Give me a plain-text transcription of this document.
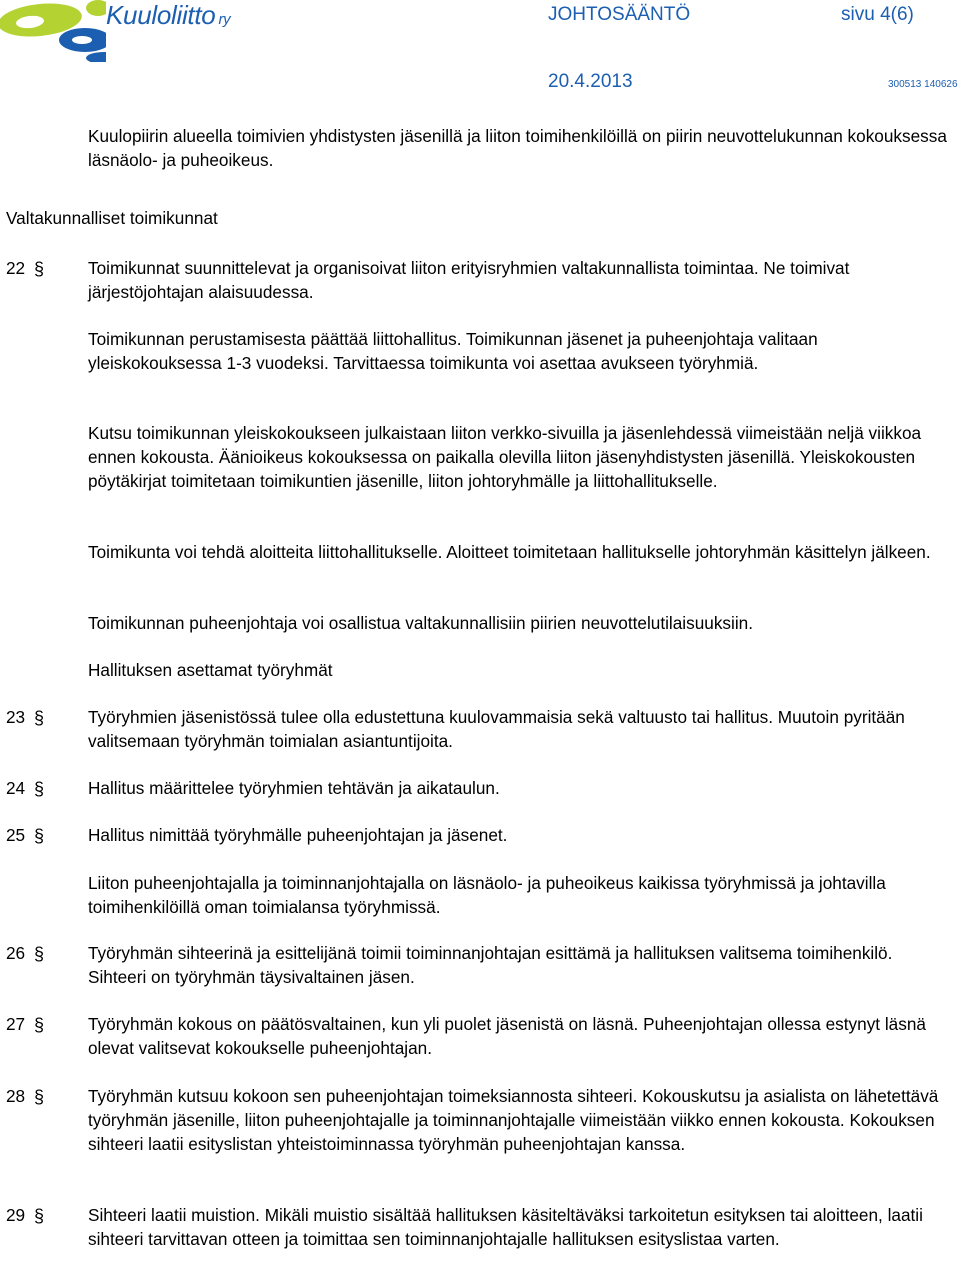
Kuuloliitto ry	JOHTOSÄÄNTÖ	sivu 4(6)
20.4.2013	300513 140626

Kuulopiirin alueella toimivien yhdistysten jäsenillä ja liiton toimihenkilöillä on piirin neuvottelukunnan kokouksessa läsnäolo- ja puheoikeus.

Valtakunnalliset toimikunnat
22 §	Toimikunnat suunnittelevat ja organisoivat liiton erityisryhmien valtakunnallista toimintaa. Ne toimivat järjestöjohtajan alaisuudessa.

Toimikunnan perustamisesta päättää liittohallitus. Toimikunnan jäsenet ja puheenjohtaja valitaan yleiskokouksessa 1-3 vuodeksi. Tarvittaessa toimikunta voi asettaa avukseen työryhmiä.

Kutsu toimikunnan yleiskokoukseen julkaistaan liiton verkko-sivuilla ja jäsenlehdessä viimeistään neljä viikkoa ennen kokousta. Äänioikeus kokouksessa on paikalla olevilla liiton jäsenyhdistysten jäsenillä. Yleiskokousten pöytäkirjat toimitetaan toimikuntien jäsenille, liiton johtoryhmälle ja liittohallitukselle.

Toimikunta voi tehdä aloitteita liittohallitukselle. Aloitteet toimitetaan hallitukselle johtoryhmän käsittelyn jälkeen.

Toimikunnan puheenjohtaja voi osallistua valtakunnallisiin piirien neuvottelutilaisuuksiin.

Hallituksen asettamat työryhmät

23 §	Työryhmien jäsenistössä tulee olla edustettuna kuulovammaisia sekä valtuusto tai hallitus. Muutoin pyritään valitsemaan työryhmän toimialan asiantuntijoita.

24 §	Hallitus määrittelee työryhmien tehtävän ja aikataulun.

25 §	Hallitus nimittää työryhmälle puheenjohtajan ja jäsenet.

Liiton puheenjohtajalla ja toiminnanjohtajalla on läsnäolo- ja puheoikeus kaikissa työryhmissä ja johtavilla toimihenkilöillä oman toimialansa työryhmissä.

26 §	Työryhmän sihteerinä ja esittelijänä toimii toiminnanjohtajan esittämä ja hallituksen valitsema toimihenkilö. Sihteeri on työryhmän täysivaltainen jäsen.

27 §	Työryhmän kokous on päätösvaltainen, kun yli puolet jäsenistä on läsnä. Puheenjohtajan ollessa estynyt läsnä olevat valitsevat kokoukselle puheenjohtajan.

28 §	Työryhmän kutsuu kokoon sen puheenjohtajan toimeksiannosta sihteeri. Kokouskutsu ja asialista on lähetettävä työryhmän jäsenille, liiton puheenjohtajalle ja toiminnanjohtajalle viimeistään viikko ennen kokousta. Kokouksen sihteeri laatii esityslistan yhteistoiminnassa työryhmän puheenjohtajan kanssa.

29 §	Sihteeri laatii muistion. Mikäli muistio sisältää hallituksen käsiteltäväksi tarkoitetun esityksen tai aloitteen, laatii sihteeri tarvittavan otteen ja toimittaa sen toiminnanjohtajalle hallituksen esityslistaa varten.
